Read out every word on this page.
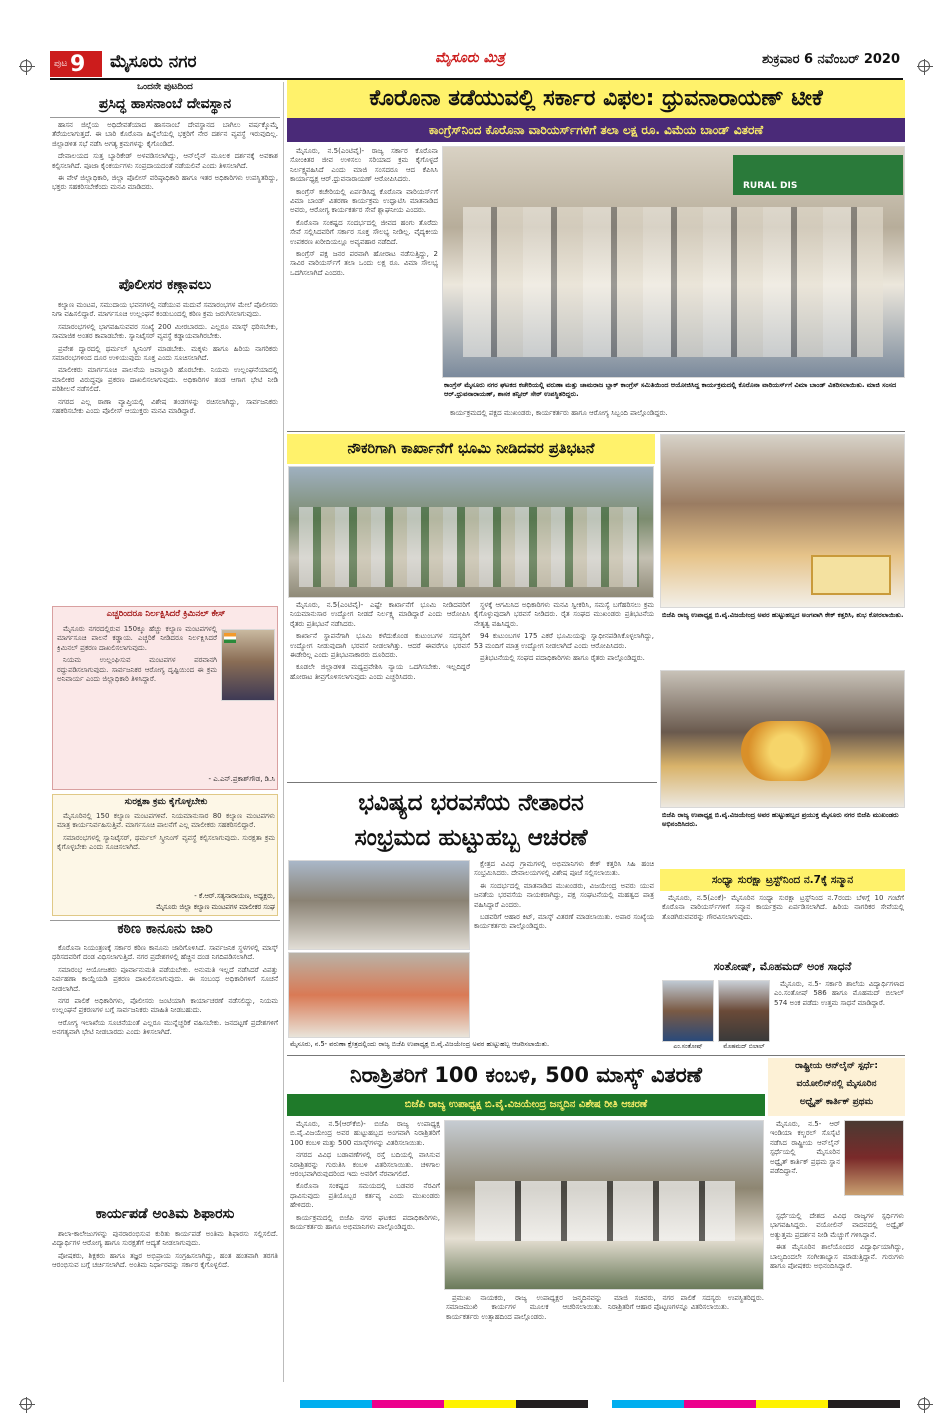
ಪುಟ 9 ಮೈಸೂರು ನಗರ	ಮೈಸೂರು ಮಿತ್ರ	ಶುಕ್ರವಾರ 6 ನವೆಂಬರ್ 2020
ಒಂದನೇ ಪುಟದಿಂದ
ಪ್ರಸಿದ್ಧ ಹಾಸನಾಂಬೆ ದೇವಸ್ಥಾನ

ಹಾಸನ ಜಿಲ್ಲೆಯ ಅಧಿದೇವತೆಯಾದ ಹಾಸನಾಂಬೆ ದೇವಸ್ಥಾನದ ಬಾಗಿಲು ವರ್ಷಕ್ಕೊಮ್ಮೆ ತೆರೆಯಲಾಗುತ್ತದೆ. ಈ ಬಾರಿ ಕೊರೊನಾ ಹಿನ್ನೆಲೆಯಲ್ಲಿ ಭಕ್ತರಿಗೆ ನೇರ ದರ್ಶನ ವ್ಯವಸ್ಥೆ ಇರುವುದಿಲ್ಲ. ಜಿಲ್ಲಾಡಳಿತ ಸಭೆ ನಡೆಸಿ ಅಗತ್ಯ ಕ್ರಮಗಳನ್ನು ಕೈಗೊಂಡಿದೆ.

ದೇವಾಲಯದ ಸುತ್ತ ಬ್ಯಾರಿಕೇಡ್ ಅಳವಡಿಸಲಾಗಿದ್ದು, ಆನ್‌ಲೈನ್ ಮೂಲಕ ದರ್ಶನಕ್ಕೆ ಅವಕಾಶ ಕಲ್ಪಿಸಲಾಗಿದೆ. ಪೂಜಾ ಕೈಂಕರ್ಯಗಳು ಸಂಪ್ರದಾಯದಂತೆ ನಡೆಯಲಿವೆ ಎಂದು ತಿಳಿಸಲಾಗಿದೆ.

ಈ ವೇಳೆ ಜಿಲ್ಲಾಧಿಕಾರಿ, ಜಿಲ್ಲಾ ಪೊಲೀಸ್ ವರಿಷ್ಠಾಧಿಕಾರಿ ಹಾಗೂ ಇತರ ಅಧಿಕಾರಿಗಳು ಉಪಸ್ಥಿತರಿದ್ದು, ಭಕ್ತರು ಸಹಕರಿಸಬೇಕೆಂದು ಮನವಿ ಮಾಡಿದರು.

ಪೊಲೀಸರ ಕಣ್ಗಾವಲು

ಕಲ್ಯಾಣ ಮಂಟಪ, ಸಮುದಾಯ ಭವನಗಳಲ್ಲಿ ನಡೆಯುವ ಮದುವೆ ಸಮಾರಂಭಗಳ ಮೇಲೆ ಪೊಲೀಸರು ನಿಗಾ ವಹಿಸಲಿದ್ದಾರೆ. ಮಾರ್ಗಸೂಚಿ ಉಲ್ಲಂಘನೆ ಕಂಡುಬಂದಲ್ಲಿ ಕಠಿಣ ಕ್ರಮ ಜರುಗಿಸಲಾಗುವುದು.

ಸಮಾರಂಭಗಳಲ್ಲಿ ಭಾಗವಹಿಸುವವರ ಸಂಖ್ಯೆ 200 ಮೀರಬಾರದು. ಎಲ್ಲರೂ ಮಾಸ್ಕ್ ಧರಿಸಬೇಕು, ಸಾಮಾಜಿಕ ಅಂತರ ಕಾಪಾಡಬೇಕು. ಸ್ಯಾನಿಟೈಸರ್ ವ್ಯವಸ್ಥೆ ಕಡ್ಡಾಯವಾಗಿರಬೇಕು.

ಪ್ರವೇಶ ದ್ವಾರದಲ್ಲಿ ಥರ್ಮಲ್ ಸ್ಕ್ರೀನಿಂಗ್ ಮಾಡಬೇಕು. ಮಕ್ಕಳು ಹಾಗೂ ಹಿರಿಯ ನಾಗರಿಕರು ಸಮಾರಂಭಗಳಿಂದ ದೂರ ಉಳಿಯುವುದು ಸೂಕ್ತ ಎಂದು ಸೂಚಿಸಲಾಗಿದೆ.

ಮಾಲೀಕರು ಮಾರ್ಗಸೂಚಿ ಪಾಲನೆಯ ಜವಾಬ್ದಾರಿ ಹೊರಬೇಕು. ನಿಯಮ ಉಲ್ಲಂಘನೆಯಾದಲ್ಲಿ ಮಾಲೀಕರ ವಿರುದ್ಧವೂ ಪ್ರಕರಣ ದಾಖಲಿಸಲಾಗುವುದು. ಅಧಿಕಾರಿಗಳ ತಂಡ ಆಗಾಗ ಭೇಟಿ ನೀಡಿ ಪರಿಶೀಲನೆ ನಡೆಸಲಿದೆ.

ನಗರದ ಎಲ್ಲ ಠಾಣಾ ವ್ಯಾಪ್ತಿಯಲ್ಲಿ ವಿಶೇಷ ತಂಡಗಳನ್ನು ರಚಿಸಲಾಗಿದ್ದು, ಸಾರ್ವಜನಿಕರು ಸಹಕರಿಸಬೇಕು ಎಂದು ಪೊಲೀಸ್ ಆಯುಕ್ತರು ಮನವಿ ಮಾಡಿದ್ದಾರೆ.

ಎಚ್ಚರಿಂದರೂ ನಿರ್ಲಕ್ಷಿಸಿದರೆ ಕ್ರಿಮಿನಲ್ ಕೇಸ್

ಮೈಸೂರು ನಗರದಲ್ಲಿರುವ 150ಕ್ಕೂ ಹೆಚ್ಚು ಕಲ್ಯಾಣ ಮಂಟಪಗಳಲ್ಲಿ ಮಾರ್ಗಸೂಚಿ ಪಾಲನೆ ಕಡ್ಡಾಯ. ಎಚ್ಚರಿಕೆ ನೀಡಿದರೂ ನಿರ್ಲಕ್ಷಿಸಿದರೆ ಕ್ರಿಮಿನಲ್ ಪ್ರಕರಣ ದಾಖಲಿಸಲಾಗುವುದು.

ನಿಯಮ ಉಲ್ಲಂಘಿಸುವ ಮಂಟಪಗಳ ಪರವಾನಗಿ ರದ್ದುಪಡಿಸಲಾಗುವುದು. ಸಾರ್ವಜನಿಕರ ಆರೋಗ್ಯ ದೃಷ್ಟಿಯಿಂದ ಈ ಕ್ರಮ ಅನಿವಾರ್ಯ ಎಂದು ಜಿಲ್ಲಾಧಿಕಾರಿ ತಿಳಿಸಿದ್ದಾರೆ.

- ಎ.ಎನ್.ಪ್ರಕಾಶ್‌ಗೌಡ, ಡಿ.ಸಿ
ಸುರಕ್ಷತಾ ಕ್ರಮ ಕೈಗೊಳ್ಳಬೇಕು

ಮೈಸೂರಿನಲ್ಲಿ 150 ಕಲ್ಯಾಣ ಮಂಟಪಗಳಿವೆ. ನಿಯಮಾನುಸಾರ 80 ಕಲ್ಯಾಣ ಮಂಟಪಗಳು ಮಾತ್ರ ಕಾರ್ಯನಿರ್ವಹಿಸುತ್ತಿವೆ. ಮಾರ್ಗಸೂಚಿ ಪಾಲನೆಗೆ ಎಲ್ಲ ಮಾಲೀಕರು ಸಹಕರಿಸಲಿದ್ದಾರೆ.

ಸಮಾರಂಭಗಳಲ್ಲಿ ಸ್ಯಾನಿಟೈಸರ್, ಥರ್ಮಲ್ ಸ್ಕ್ರೀನಿಂಗ್ ವ್ಯವಸ್ಥೆ ಕಲ್ಪಿಸಲಾಗುವುದು. ಸುರಕ್ಷತಾ ಕ್ರಮ ಕೈಗೊಳ್ಳಬೇಕು ಎಂದು ಸೂಚಿಸಲಾಗಿದೆ.

- ಕೆ.ಆರ್.ಸತ್ಯನಾರಾಯಣ, ಅಧ್ಯಕ್ಷರು,
ಮೈಸೂರು ಜಿಲ್ಲಾ ಕಲ್ಯಾಣ ಮಂಟಪಗಳ ಮಾಲೀಕರ ಸಂಘ
ಕಠಿಣ ಕಾನೂನು ಜಾರಿ

ಕೊರೊನಾ ನಿಯಂತ್ರಣಕ್ಕೆ ಸರ್ಕಾರ ಕಠಿಣ ಕಾನೂನು ಜಾರಿಗೊಳಿಸಿದೆ. ಸಾರ್ವಜನಿಕ ಸ್ಥಳಗಳಲ್ಲಿ ಮಾಸ್ಕ್ ಧರಿಸದವರಿಗೆ ದಂಡ ವಿಧಿಸಲಾಗುತ್ತಿದೆ. ನಗರ ಪ್ರದೇಶಗಳಲ್ಲಿ ಹೆಚ್ಚಿನ ದಂಡ ನಿಗದಿಪಡಿಸಲಾಗಿದೆ.

ಸಮಾರಂಭ ಆಯೋಜಕರು ಪೂರ್ವಾನುಮತಿ ಪಡೆಯಬೇಕು. ಅನುಮತಿ ಇಲ್ಲದೆ ನಡೆಸಿದರೆ ವಿಪತ್ತು ನಿರ್ವಹಣಾ ಕಾಯ್ದೆಯಡಿ ಪ್ರಕರಣ ದಾಖಲಿಸಲಾಗುವುದು. ಈ ಸಂಬಂಧ ಅಧಿಕಾರಿಗಳಿಗೆ ಸೂಚನೆ ನೀಡಲಾಗಿದೆ.

ನಗರ ಪಾಲಿಕೆ ಅಧಿಕಾರಿಗಳು, ಪೊಲೀಸರು ಜಂಟಿಯಾಗಿ ಕಾರ್ಯಾಚರಣೆ ನಡೆಸಲಿದ್ದು, ನಿಯಮ ಉಲ್ಲಂಘನೆ ಪ್ರಕರಣಗಳ ಬಗ್ಗೆ ಸಾರ್ವಜನಿಕರು ಮಾಹಿತಿ ನೀಡಬಹುದು.

ಆರೋಗ್ಯ ಇಲಾಖೆಯ ಸೂಚನೆಯಂತೆ ಎಲ್ಲರೂ ಮುನ್ನೆಚ್ಚರಿಕೆ ವಹಿಸಬೇಕು. ಜನದಟ್ಟಣೆ ಪ್ರದೇಶಗಳಿಗೆ ಅನಗತ್ಯವಾಗಿ ಭೇಟಿ ನೀಡಬಾರದು ಎಂದು ತಿಳಿಸಲಾಗಿದೆ.

ಕಾರ್ಯಪಡೆ ಅಂತಿಮ ಶಿಫಾರಸು

ಶಾಲಾ-ಕಾಲೇಜುಗಳನ್ನು ಪುನರಾರಂಭಿಸುವ ಕುರಿತು ಕಾರ್ಯಪಡೆ ಅಂತಿಮ ಶಿಫಾರಸು ಸಲ್ಲಿಸಲಿದೆ. ವಿದ್ಯಾರ್ಥಿಗಳ ಆರೋಗ್ಯ ಹಾಗೂ ಸುರಕ್ಷತೆಗೆ ಆದ್ಯತೆ ನೀಡಲಾಗುವುದು.

ಪೋಷಕರು, ಶಿಕ್ಷಕರು ಹಾಗೂ ತಜ್ಞರ ಅಭಿಪ್ರಾಯ ಸಂಗ್ರಹಿಸಲಾಗಿದ್ದು, ಹಂತ ಹಂತವಾಗಿ ತರಗತಿ ಆರಂಭಿಸುವ ಬಗ್ಗೆ ಚರ್ಚಿಸಲಾಗಿದೆ. ಅಂತಿಮ ನಿರ್ಧಾರವನ್ನು ಸರ್ಕಾರ ಕೈಗೊಳ್ಳಲಿದೆ.

ಕೊರೊನಾ ತಡೆಯುವಲ್ಲಿ ಸರ್ಕಾರ ವಿಫಲ: ಧ್ರುವನಾರಾಯಣ್ ಟೀಕೆ
ಕಾಂಗ್ರೆಸ್‌ನಿಂದ ಕೊರೊನಾ ವಾರಿಯರ್ಸ್‌ಗಳಿಗೆ ತಲಾ ಲಕ್ಷ ರೂ. ವಿಮೆಯ ಬಾಂಡ್ ವಿತರಣೆ

ಮೈಸೂರು, ನ.5(ಎಂಟಿವೈ)- ರಾಜ್ಯ ಸರ್ಕಾರ ಕೊರೊನಾ ಸೋಂಕಿತರ ಜೀವ ಉಳಿಸಲು ಸರಿಯಾದ ಕ್ರಮ ಕೈಗೊಳ್ಳದೆ ನಿರ್ಲಕ್ಷ್ಯವಹಿಸಿದೆ ಎಂದು ಮಾಜಿ ಸಂಸದರೂ ಆದ ಕೆಪಿಸಿಸಿ ಕಾರ್ಯಾಧ್ಯಕ್ಷ ಆರ್.ಧ್ರುವನಾರಾಯಣ್ ಆರೋಪಿಸಿದರು.

ಕಾಂಗ್ರೆಸ್ ಕಚೇರಿಯಲ್ಲಿ ಏರ್ಪಡಿಸಿದ್ದ ಕೊರೊನಾ ವಾರಿಯರ್ಸ್‌ಗೆ ವಿಮಾ ಬಾಂಡ್ ವಿತರಣಾ ಕಾರ್ಯಕ್ರಮ ಉದ್ಘಾಟಿಸಿ ಮಾತನಾಡಿದ ಅವರು, ಆರೋಗ್ಯ ಕಾರ್ಯಕರ್ತರ ಸೇವೆ ಶ್ಲಾಘನೀಯ ಎಂದರು.

ಕೊರೊನಾ ಸಂಕಷ್ಟದ ಸಂದರ್ಭದಲ್ಲಿ ಜೀವದ ಹಂಗು ತೊರೆದು ಸೇವೆ ಸಲ್ಲಿಸಿದವರಿಗೆ ಸರ್ಕಾರ ಸೂಕ್ತ ಸೌಲಭ್ಯ ನೀಡಿಲ್ಲ. ವೈದ್ಯಕೀಯ ಉಪಕರಣ ಖರೀದಿಯಲ್ಲೂ ಅವ್ಯವಹಾರ ನಡೆದಿದೆ.

ಕಾಂಗ್ರೆಸ್ ಪಕ್ಷ ಜನರ ಪರವಾಗಿ ಹೋರಾಟ ನಡೆಸುತ್ತಿದ್ದು, 2 ಸಾವಿರ ವಾರಿಯರ್ಸ್‌ಗೆ ತಲಾ ಒಂದು ಲಕ್ಷ ರೂ. ವಿಮಾ ಸೌಲಭ್ಯ ಒದಗಿಸಲಾಗಿದೆ ಎಂದರು.

RURAL DIS
ಕಾಂಗ್ರೆಸ್ ಮೈಸೂರು ನಗರ ಘಟಕದ ಕಚೇರಿಯಲ್ಲಿ ವರುಣಾ ಮತ್ತು ಚಾಮರಾಜ ಬ್ಲಾಕ್ ಕಾಂಗ್ರೆಸ್ ಸಮಿತಿಯಿಂದ ಆಯೋಜಿಸಿದ್ದ ಕಾರ್ಯಕ್ರಮದಲ್ಲಿ ಕೊರೊನಾ ವಾರಿಯರ್ಸ್‌ಗೆ ವಿಮಾ ಬಾಂಡ್ ವಿತರಿಸಲಾಯಿತು. ಮಾಜಿ ಸಂಸದ ಆರ್.ಧ್ರುವನಾರಾಯಣ್, ಶಾಸಕ ತನ್ವೀರ್ ಸೇಠ್ ಉಪಸ್ಥಿತರಿದ್ದರು.

ಕಾರ್ಯಕ್ರಮದಲ್ಲಿ ಪಕ್ಷದ ಮುಖಂಡರು, ಕಾರ್ಯಕರ್ತರು ಹಾಗೂ ಆರೋಗ್ಯ ಸಿಬ್ಬಂದಿ ಪಾಲ್ಗೊಂಡಿದ್ದರು.

ನೌಕರಿಗಾಗಿ ಕಾರ್ಖಾನೆಗೆ ಭೂಮಿ ನೀಡಿದವರ ಪ್ರತಿಭಟನೆ

ಮೈಸೂರು, ನ.5(ಎಂಟಿವೈ)- ಎಷ್ಟೇ ಕಾರ್ಖಾನೆಗೆ ಭೂಮಿ ನೀಡಿದವರಿಗೆ ನಿಯಮಾನುಸಾರ ಉದ್ಯೋಗ ನೀಡದೆ ನಿರ್ಲಕ್ಷ್ಯ ಮಾಡಿದ್ದಾರೆ ಎಂದು ಆರೋಪಿಸಿ ರೈತರು ಪ್ರತಿಭಟನೆ ನಡೆಸಿದರು.

ಕಾರ್ಖಾನೆ ಸ್ಥಾಪನೆಗಾಗಿ ಭೂಮಿ ಕಳೆದುಕೊಂಡ ಕುಟುಂಬಗಳ ಸದಸ್ಯರಿಗೆ ಉದ್ಯೋಗ ನೀಡುವುದಾಗಿ ಭರವಸೆ ನೀಡಲಾಗಿತ್ತು. ಆದರೆ ಈವರೆಗೂ ಭರವಸೆ ಈಡೇರಿಲ್ಲ ಎಂದು ಪ್ರತಿಭಟನಾಕಾರರು ದೂರಿದರು.

ಕೂಡಲೇ ಜಿಲ್ಲಾಡಳಿತ ಮಧ್ಯಪ್ರವೇಶಿಸಿ ನ್ಯಾಯ ಒದಗಿಸಬೇಕು. ಇಲ್ಲದಿದ್ದರೆ ಹೋರಾಟ ತೀವ್ರಗೊಳಿಸಲಾಗುವುದು ಎಂದು ಎಚ್ಚರಿಸಿದರು.

ಸ್ಥಳಕ್ಕೆ ಆಗಮಿಸಿದ ಅಧಿಕಾರಿಗಳು ಮನವಿ ಸ್ವೀಕರಿಸಿ, ಸಮಸ್ಯೆ ಬಗೆಹರಿಸಲು ಕ್ರಮ ಕೈಗೊಳ್ಳುವುದಾಗಿ ಭರವಸೆ ನೀಡಿದರು. ರೈತ ಸಂಘದ ಮುಖಂಡರು ಪ್ರತಿಭಟನೆಯ ನೇತೃತ್ವ ವಹಿಸಿದ್ದರು.

94 ಕುಟುಂಬಗಳ 175 ಎಕರೆ ಭೂಮಿಯನ್ನು ಸ್ವಾಧೀನಪಡಿಸಿಕೊಳ್ಳಲಾಗಿದ್ದು, 53 ಮಂದಿಗೆ ಮಾತ್ರ ಉದ್ಯೋಗ ನೀಡಲಾಗಿದೆ ಎಂದು ಆರೋಪಿಸಿದರು.

ಪ್ರತಿಭಟನೆಯಲ್ಲಿ ಸಂಘದ ಪದಾಧಿಕಾರಿಗಳು ಹಾಗೂ ರೈತರು ಪಾಲ್ಗೊಂಡಿದ್ದರು.

ಬಿಜೆಪಿ ರಾಜ್ಯ ಉಪಾಧ್ಯಕ್ಷ ಬಿ.ವೈ.ವಿಜಯೇಂದ್ರ ಅವರ ಹುಟ್ಟುಹಬ್ಬದ ಅಂಗವಾಗಿ ಕೇಕ್ ಕತ್ತರಿಸಿ, ಶುಭ ಕೋರಲಾಯಿತು.
ಬಿಜೆಪಿ ರಾಜ್ಯ ಉಪಾಧ್ಯಕ್ಷ ಬಿ.ವೈ.ವಿಜಯೇಂದ್ರ ಅವರ ಹುಟ್ಟುಹಬ್ಬದ ಪ್ರಯುಕ್ತ ಮೈಸೂರು ನಗರ ಬಿಜೆಪಿ ಮುಖಂಡರು ಅಭಿನಂದಿಸಿದರು.
ಭವಿಷ್ಯದ ಭರವಸೆಯ ನೇತಾರನ
ಸಂಭ್ರಮದ ಹುಟ್ಟುಹಬ್ಬ ಆಚರಣೆ

ಕ್ಷೇತ್ರದ ವಿವಿಧ ಗ್ರಾಮಗಳಲ್ಲಿ ಅಭಿಮಾನಿಗಳು ಕೇಕ್ ಕತ್ತರಿಸಿ ಸಿಹಿ ಹಂಚಿ ಸಂಭ್ರಮಿಸಿದರು. ದೇವಾಲಯಗಳಲ್ಲಿ ವಿಶೇಷ ಪೂಜೆ ಸಲ್ಲಿಸಲಾಯಿತು.

ಈ ಸಂದರ್ಭದಲ್ಲಿ ಮಾತನಾಡಿದ ಮುಖಂಡರು, ವಿಜಯೇಂದ್ರ ಅವರು ಯುವ ಜನತೆಯ ಭರವಸೆಯ ನಾಯಕರಾಗಿದ್ದು, ಪಕ್ಷ ಸಂಘಟನೆಯಲ್ಲಿ ಮಹತ್ವದ ಪಾತ್ರ ವಹಿಸಿದ್ದಾರೆ ಎಂದರು.

ಬಡವರಿಗೆ ಆಹಾರ ಕಿಟ್, ಮಾಸ್ಕ್ ವಿತರಣೆ ಮಾಡಲಾಯಿತು. ಅಪಾರ ಸಂಖ್ಯೆಯ ಕಾರ್ಯಕರ್ತರು ಪಾಲ್ಗೊಂಡಿದ್ದರು.

ಮೈಸೂರು, ನ.5- ವರುಣಾ ಕ್ಷೇತ್ರದಲ್ಲಿಂದು ರಾಜ್ಯ ಬಿಜೆಪಿ ಉಪಾಧ್ಯಕ್ಷ ಬಿ.ವೈ.ವಿಜಯೇಂದ್ರ ಅವರ ಹುಟ್ಟುಹಬ್ಬ ಆಚರಿಸಲಾಯಿತು.
ಸಂಧ್ಯಾ ಸುರಕ್ಷಾ ಟ್ರಸ್ಟ್‌ನಿಂದ ನ.7ಕ್ಕೆ ಸನ್ಮಾನ

ಮೈಸೂರು, ನ.5(ಎಂಕೆ)- ಮೈಸೂರಿನ ಸಂಧ್ಯಾ ಸುರಕ್ಷಾ ಟ್ರಸ್ಟ್‌ನಿಂದ ನ.7ರಂದು ಬೆಳಿಗ್ಗೆ 10 ಗಂಟೆಗೆ ಕೊರೊನಾ ವಾರಿಯರ್ಸ್‌ಗಳಿಗೆ ಸನ್ಮಾನ ಕಾರ್ಯಕ್ರಮ ಏರ್ಪಡಿಸಲಾಗಿದೆ. ಹಿರಿಯ ನಾಗರಿಕರ ಸೇವೆಯಲ್ಲಿ ತೊಡಗಿರುವವರನ್ನು ಗೌರವಿಸಲಾಗುವುದು.

ಸಂತೋಷ್, ಮೊಹಮದ್ ಅಂಕ ಸಾಧನೆ
ಎಂ.ಸಂತೋಷ್	ಮೊಹಮದ್ ಬಿಲಾಲ್

ಮೈಸೂರು, ನ.5- ಸರ್ಕಾರಿ ಶಾಲೆಯ ವಿದ್ಯಾರ್ಥಿಗಳಾದ ಎಂ.ಸಂತೋಷ್ 586 ಹಾಗೂ ಮೊಹಮದ್ ಬಿಲಾಲ್ 574 ಅಂಕ ಪಡೆದು ಉತ್ತಮ ಸಾಧನೆ ಮಾಡಿದ್ದಾರೆ.

ನಿರಾಶ್ರಿತರಿಗೆ 100 ಕಂಬಳಿ, 500 ಮಾಸ್ಕ್ ವಿತರಣೆ
ಬಿಜೆಪಿ ರಾಜ್ಯ ಉಪಾಧ್ಯಕ್ಷ ಬಿ.ವೈ.ವಿಜಯೇಂದ್ರ ಜನ್ಮದಿನ ವಿಶೇಷ ರೀತಿ ಆಚರಣೆ

ಮೈಸೂರು, ನ.5(ಆರ್‌ಕೆಬಿ)- ಬಿಜೆಪಿ ರಾಜ್ಯ ಉಪಾಧ್ಯಕ್ಷ ಬಿ.ವೈ.ವಿಜಯೇಂದ್ರ ಅವರ ಹುಟ್ಟುಹಬ್ಬದ ಅಂಗವಾಗಿ ನಿರಾಶ್ರಿತರಿಗೆ 100 ಕಂಬಳಿ ಮತ್ತು 500 ಮಾಸ್ಕ್‌ಗಳನ್ನು ವಿತರಿಸಲಾಯಿತು.

ನಗರದ ವಿವಿಧ ಬಡಾವಣೆಗಳಲ್ಲಿ ರಸ್ತೆ ಬದಿಯಲ್ಲಿ ವಾಸಿಸುವ ನಿರಾಶ್ರಿತರನ್ನು ಗುರುತಿಸಿ ಕಂಬಳಿ ವಿತರಿಸಲಾಯಿತು. ಚಳಿಗಾಲ ಆರಂಭವಾಗಿರುವುದರಿಂದ ಇದು ಅವರಿಗೆ ನೆರವಾಗಲಿದೆ.

ಕೊರೊನಾ ಸಂಕಷ್ಟದ ಸಮಯದಲ್ಲಿ ಬಡವರ ನೆರವಿಗೆ ಧಾವಿಸುವುದು ಪ್ರತಿಯೊಬ್ಬರ ಕರ್ತವ್ಯ ಎಂದು ಮುಖಂಡರು ಹೇಳಿದರು.

ಕಾರ್ಯಕ್ರಮದಲ್ಲಿ ಬಿಜೆಪಿ ನಗರ ಘಟಕದ ಪದಾಧಿಕಾರಿಗಳು, ಕಾರ್ಯಕರ್ತರು ಹಾಗೂ ಅಭಿಮಾನಿಗಳು ಪಾಲ್ಗೊಂಡಿದ್ದರು.

ಪ್ರಮುಖ ನಾಯಕರು, ರಾಜ್ಯ ಉಪಾಧ್ಯಕ್ಷರ ಜನ್ಮದಿನವನ್ನು ಸಮಾಜಮುಖಿ ಕಾರ್ಯಗಳ ಮೂಲಕ ಆಚರಿಸಲಾಯಿತು. ಕಾರ್ಯಕರ್ತರು ಉತ್ಸಾಹದಿಂದ ಪಾಲ್ಗೊಂಡರು.

ಮಾಜಿ ಸಚಿವರು, ನಗರ ಪಾಲಿಕೆ ಸದಸ್ಯರು ಉಪಸ್ಥಿತರಿದ್ದರು. ನಿರಾಶ್ರಿತರಿಗೆ ಆಹಾರ ಪೊಟ್ಟಣಗಳನ್ನೂ ವಿತರಿಸಲಾಯಿತು.

ರಾಷ್ಟ್ರೀಯ ಆನ್‌ಲೈನ್ ಸ್ಪರ್ಧೆ:
ವಯೋಲಿನ್‌ನಲ್ಲಿ ಮೈಸೂರಿನ
ಅಧ್ವೈತ್ ಕಾರ್ತಿಕ್ ಪ್ರಥಮ

ಮೈಸೂರು, ನ.5- ಆರ್ ಇಂಡಿಯಾ ಕಲ್ಚರಲ್ ಸೊಸೈಟಿ ನಡೆಸಿದ ರಾಷ್ಟ್ರೀಯ ಆನ್‌ಲೈನ್ ಸ್ಪರ್ಧೆಯಲ್ಲಿ ಮೈಸೂರಿನ ಅಧ್ವೈತ್ ಕಾರ್ತಿಕ್ ಪ್ರಥಮ ಸ್ಥಾನ ಪಡೆದಿದ್ದಾನೆ.

ಸ್ಪರ್ಧೆಯಲ್ಲಿ ದೇಶದ ವಿವಿಧ ರಾಜ್ಯಗಳ ಸ್ಪರ್ಧಿಗಳು ಭಾಗವಹಿಸಿದ್ದರು. ವಯೋಲಿನ್ ವಾದನದಲ್ಲಿ ಅಧ್ವೈತ್ ಅತ್ಯುತ್ತಮ ಪ್ರದರ್ಶನ ನೀಡಿ ಮೆಚ್ಚುಗೆ ಗಳಿಸಿದ್ದಾನೆ.

ಈತ ಮೈಸೂರಿನ ಶಾಲೆಯೊಂದರ ವಿದ್ಯಾರ್ಥಿಯಾಗಿದ್ದು, ಬಾಲ್ಯದಿಂದಲೇ ಸಂಗೀತಾಭ್ಯಾಸ ಮಾಡುತ್ತಿದ್ದಾನೆ. ಗುರುಗಳು ಹಾಗೂ ಪೋಷಕರು ಅಭಿನಂದಿಸಿದ್ದಾರೆ.
